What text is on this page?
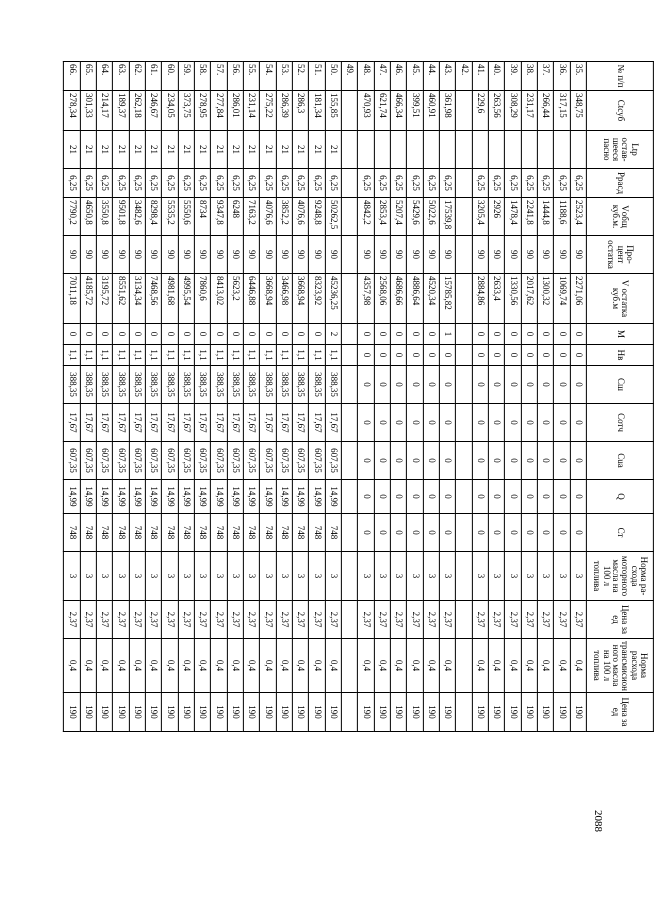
2088
№ п/п	Сtcуб	Ltр остав- шееся пасно	Ррасд	Vобщ куб.м.	Про- цент остатка	V остатка куб.м	М	Нв	Сш	Сотч	Сuа	Q	Ст	Норма ра- схода моторного масла на 100 л топлива	Цена за ед	Норма расхода трансмисион ного масла на 100 л топлива	Цена за ед
35.	348,75		6,25	2523,4	90	2271,06	0	0	0	0	0	0	0	3	2,37	0,4	190
36.	317,15		6,25	1188,6	90	1069,74	0	0	0	0	0	0	0	3	2,37	0,4	190
37.	266,44		6,25	1444,8	90	1300,32	0	0	0	0	0	0	0	3	2,37	0,4	190
38.	231,17		6,25	2241,8	90	2017,62	0	0	0	0	0	0	0	3	2,37	0,4	190
39.	308,29		6,25	1478,4	90	1330,56	0	0	0	0	0	0	0	3	2,37	0,4	190
40.	263,56		6,25	2926	90	2633,4	0	0	0	0	0	0	0	3	2,37	0,4	190
41.	229,6		6,25	3205,4	90	2884,86	0	0	0	0	0	0	0	3	2,37	0,4	190
42.																	
43.	361,98		6,25	17539,8	90	15785,82	1	0	0	0	0	0	0	3	2,37	0,4	190
44.	460,91		6,25	5022,6	90	4520,34	0	0	0	0	0	0	0	3	2,37	0,4	190
45.	399,51		6,25	5429,6	90	4886,64	0	0	0	0	0	0	0	3	2,37	0,4	190
46.	466,34		6,25	5207,4	90	4686,66	0	0	0	0	0	0	0	3	2,37	0,4	190
47.	621,74		6,25	2853,4	90	2568,06	0	0	0	0	0	0	0	3	2,37	0,4	190
48.	470,93		6,25	4842,2	90	4357,98	0	0	0	0	0	0	0	3	2,37	0,4	190
49.																	
50.	155,85	21	6,25	50262,5	90	45236,25	2	1,1	388,35	17,67	607,35	14,99	748	3	2,37	0,4	190
51.	181,34	21	6,25	9248,8	90	8323,92	0	1,1	388,35	17,67	607,35	14,99	748	3	2,37	0,4	190
52.	286,3	21	6,25	4076,6	90	3668,94	0	1,1	388,35	17,67	607,35	14,99	748	3	2,37	0,4	190
53.	286,39	21	6,25	3852,2	90	3466,98	0	1,1	388,35	17,67	607,35	14,99	748	3	2,37	0,4	190
54.	275,22	21	6,25	4076,6	90	3668,94	0	1,1	388,35	17,67	607,35	14,99	748	3	2,37	0,4	190
55.	231,14	21	6,25	7163,2	90	6446,88	0	1,1	388,35	17,67	607,35	14,99	748	3	2,37	0,4	190
56.	286,01	21	6,25	6248	90	5623,2	0	1,1	388,35	17,67	607,35	14,99	748	3	2,37	0,4	190
57.	277,84	21	6,25	9347,8	90	8413,02	0	1,1	388,35	17,67	607,35	14,99	748	3	2,37	0,4	190
58.	278,95	21	6,25	8734	90	7860,6	0	1,1	388,35	17,67	607,35	14,99	748	3	2,37	0,4	190
59.	373,75	21	6,25	5550,6	90	4995,54	0	1,1	388,35	17,67	607,35	14,99	748	3	2,37	0,4	190
60.	234,05	21	6,25	5535,2	90	4981,68	0	1,1	388,35	17,67	607,35	14,99	748	3	2,37	0,4	190
61.	246,67	21	6,25	8298,4	90	7468,56	0	1,1	388,35	17,67	607,35	14,99	748	3	2,37	0,4	190
62.	262,18	21	6,25	3482,6	90	3134,34	0	1,1	388,35	17,67	607,35	14,99	748	3	2,37	0,4	190
63.	189,37	21	6,25	9501,8	90	8551,62	0	1,1	388,35	17,67	607,35	14,99	748	3	2,37	0,4	190
64.	214,17	21	6,25	3550,8	90	3195,72	0	1,1	388,35	17,67	607,35	14,99	748	3	2,37	0,4	190
65.	301,33	21	6,25	4650,8	90	4185,72	0	1,1	388,35	17,67	607,35	14,99	748	3	2,37	0,4	190
66.	278,34	21	6,25	7790,2	90	7011,18	0	1,1	388,35	17,67	607,35	14,99	748	3	2,37	0,4	190
